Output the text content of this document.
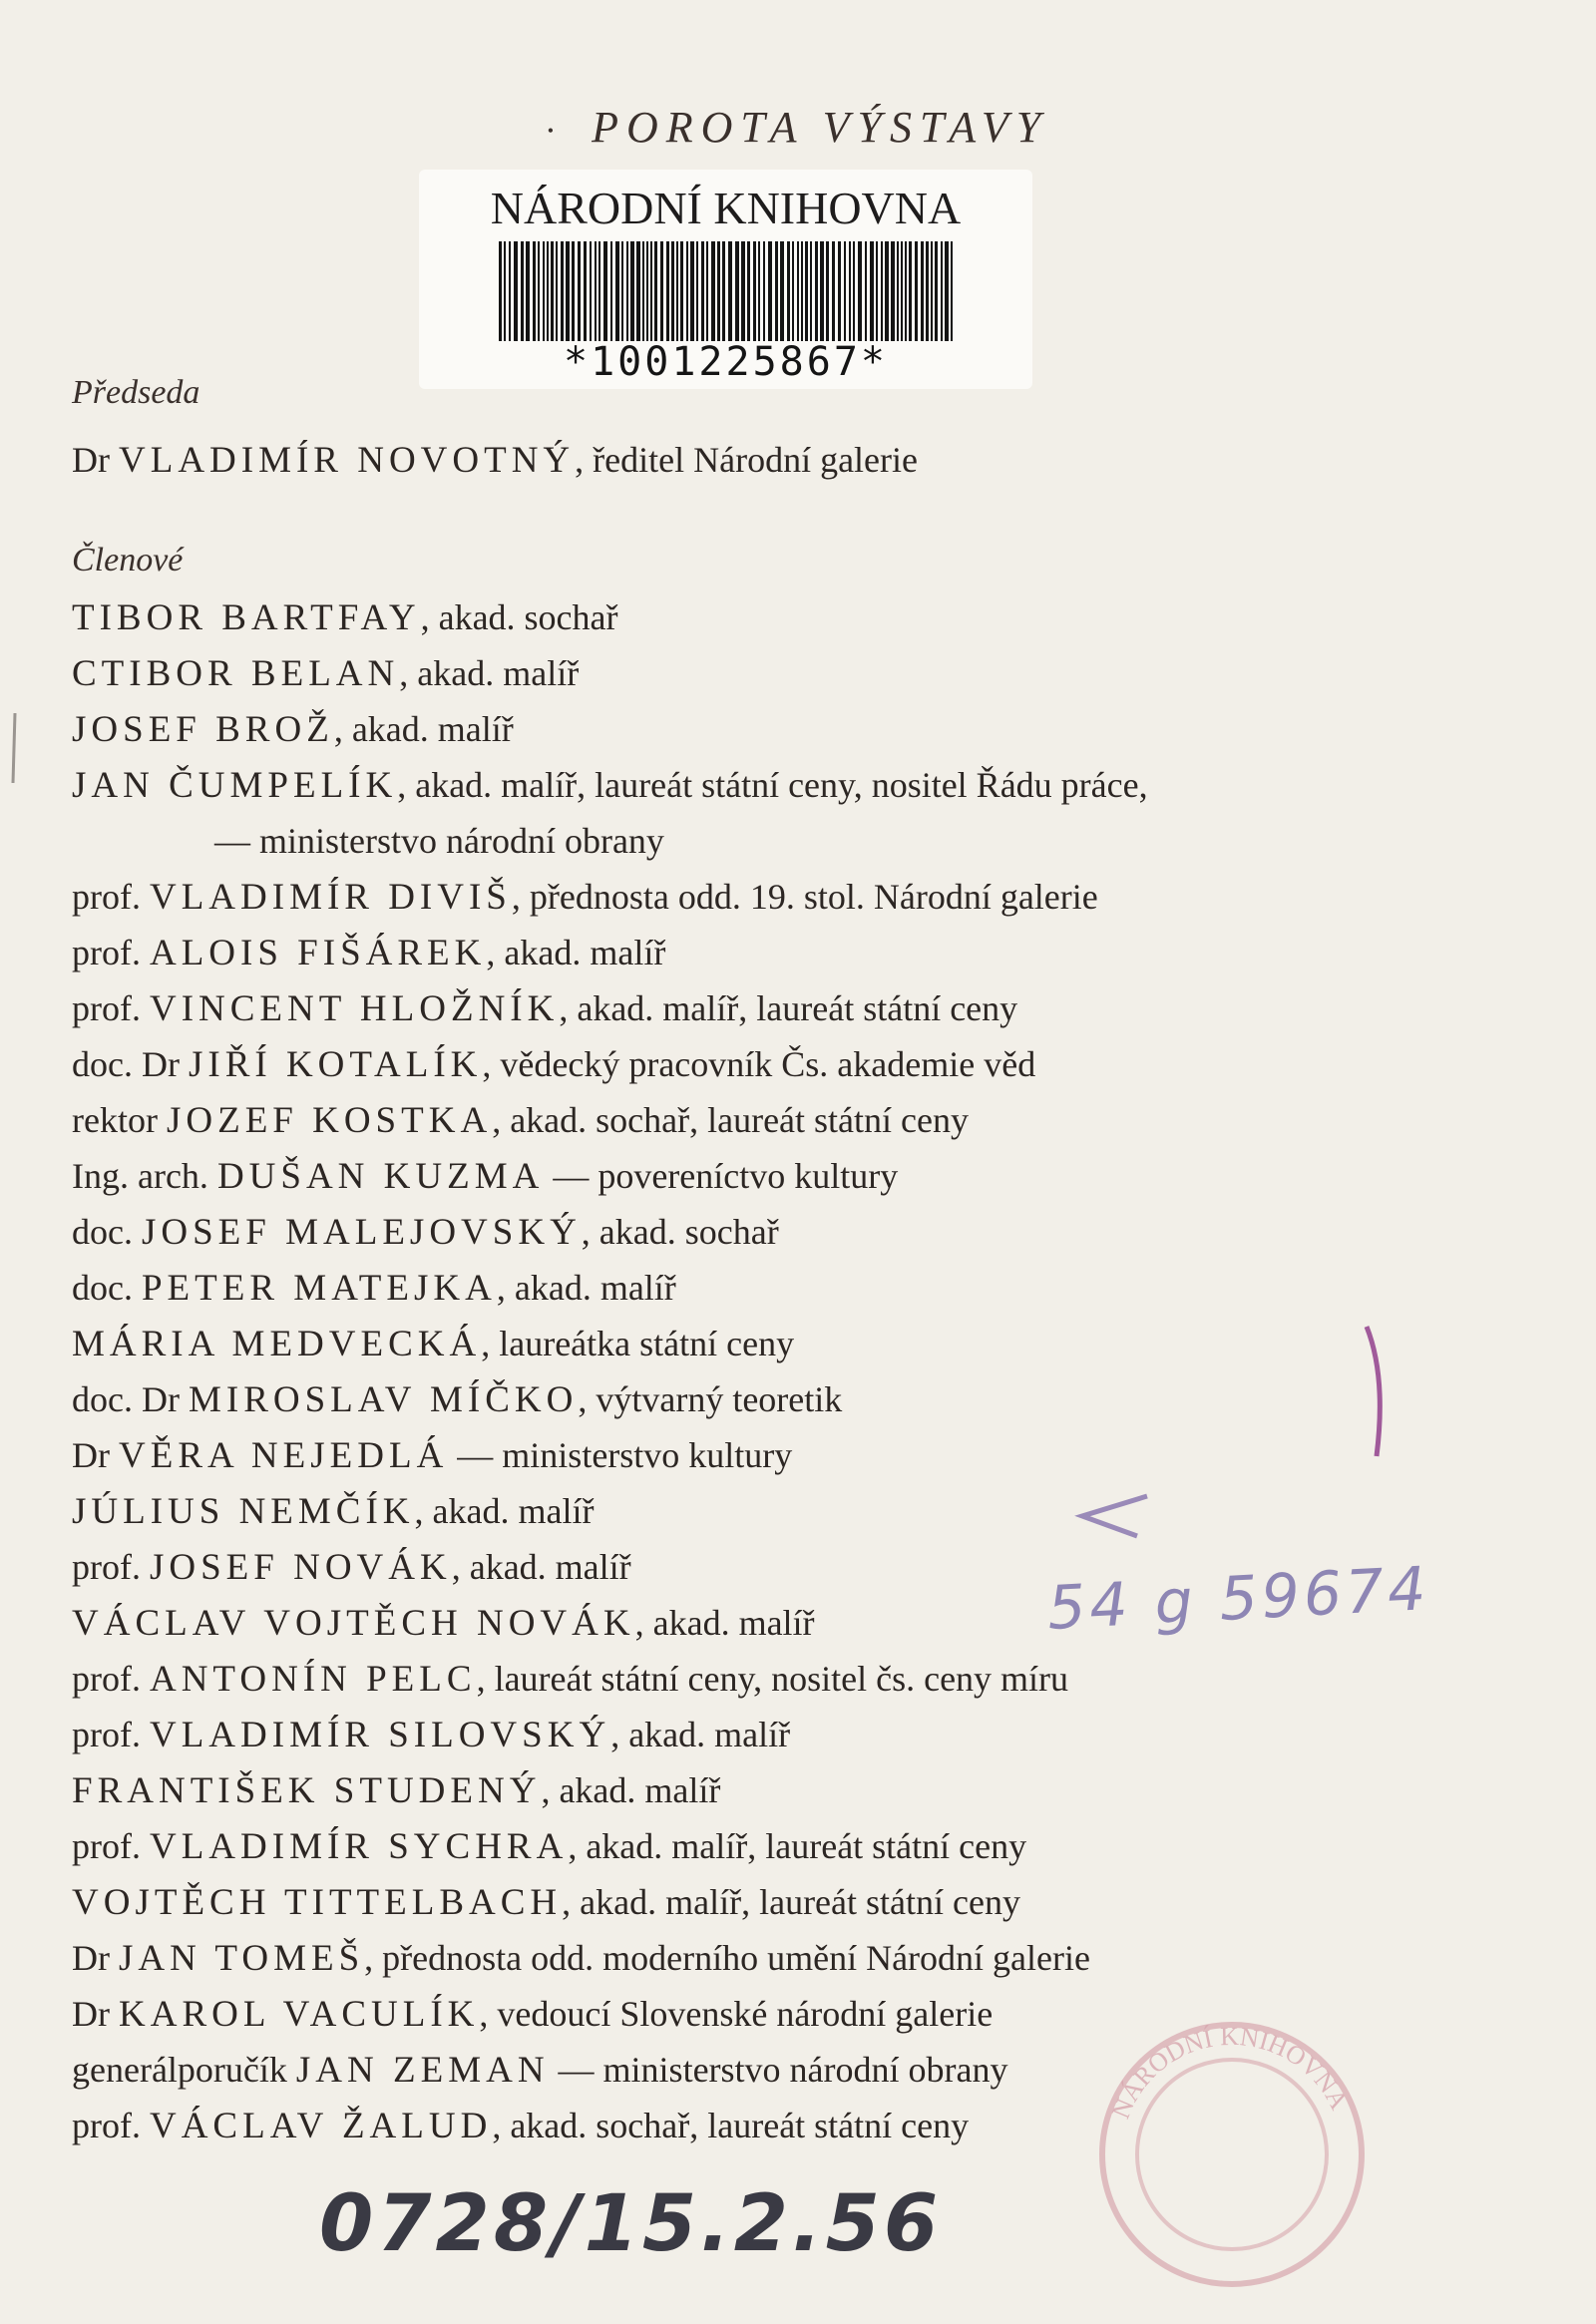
• POROTA VÝSTAVY
NÁRODNÍ KNIHOVNA
*1001225867*
Předseda
Dr VLADIMÍR NOVOTNÝ, ředitel Národní galerie
Členové
TIBOR BARTFAY, akad. sochař
CTIBOR BELAN, akad. malíř
JOSEF BROŽ, akad. malíř
JAN ČUMPELÍK, akad. malíř, laureát státní ceny, nositel Řádu práce,
— ministerstvo národní obrany
prof. VLADIMÍR DIVIŠ, přednosta odd. 19. stol. Národní galerie
prof. ALOIS FIŠÁREK, akad. malíř
prof. VINCENT HLOŽNÍK, akad. malíř, laureát státní ceny
doc. Dr JIŘÍ KOTALÍK, vědecký pracovník Čs. akademie věd
rektor JOZEF KOSTKA, akad. sochař, laureát státní ceny
Ing. arch. DUŠAN KUZMA — povereníctvo kultury
doc. JOSEF MALEJOVSKÝ, akad. sochař
doc. PETER MATEJKA, akad. malíř
MÁRIA MEDVECKÁ, laureátka státní ceny
doc. Dr MIROSLAV MÍČKO, výtvarný teoretik
Dr VĚRA NEJEDLÁ — ministerstvo kultury
JÚLIUS NEMČÍK, akad. malíř
prof. JOSEF NOVÁK, akad. malíř
VÁCLAV VOJTĚCH NOVÁK, akad. malíř
prof. ANTONÍN PELC, laureát státní ceny, nositel čs. ceny míru
prof. VLADIMÍR SILOVSKÝ, akad. malíř
FRANTIŠEK STUDENÝ, akad. malíř
prof. VLADIMÍR SYCHRA, akad. malíř, laureát státní ceny
VOJTĚCH TITTELBACH, akad. malíř, laureát státní ceny
Dr JAN TOMEŠ, přednosta odd. moderního umění Národní galerie
Dr KAROL VACULÍK, vedoucí Slovenské národní galerie
generálporučík JAN ZEMAN — ministerstvo národní obrany
prof. VÁCLAV ŽALUD, akad. sochař, laureát státní ceny
54 g 59674
0728/15.2.56
NÁRODNÍ KNIHOVNA
